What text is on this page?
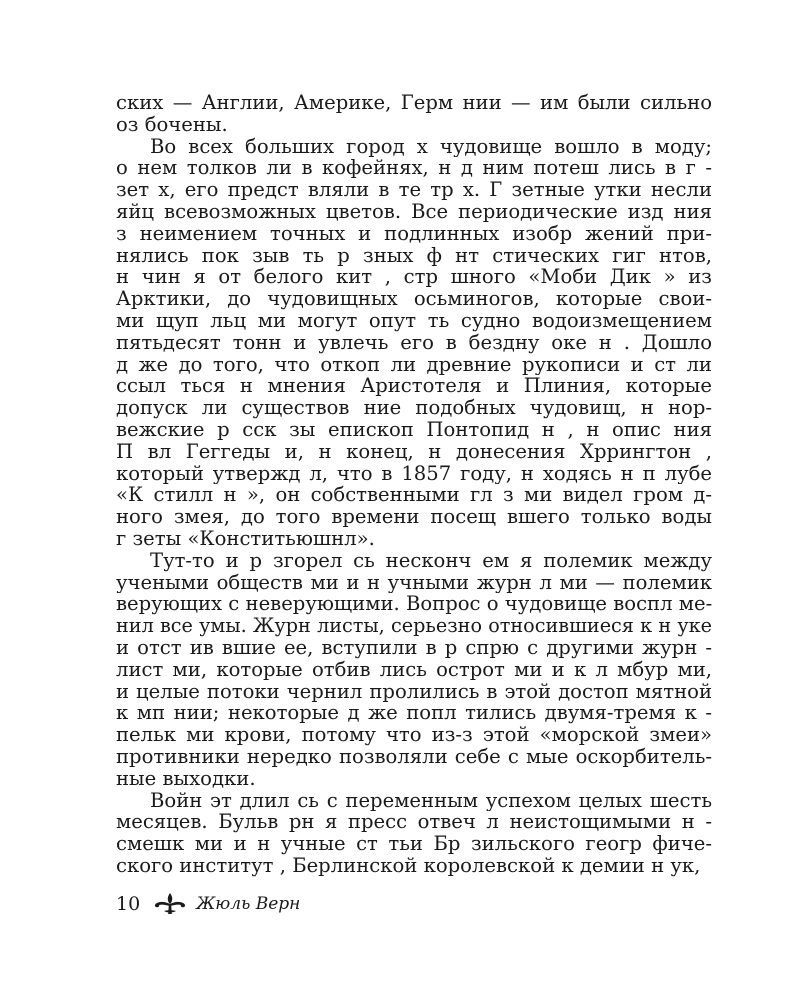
ских — Англии, Америке, Герм нии — им были сильно
оз бочены.
Во всех больших город х чудовище вошло в моду;
о нем толков ли в кофейнях, н д ним потеш лись в г -
зет х, его предст вляли в те тр х. Г зетные утки несли
яйц всевозможных цветов. Все периодические изд ния
з неимением точных и подлинных изобр жений при-
нялись пок зыв ть р зных ф нт стических гиг нтов,
н чин я от белого кит , стр шного «Моби Дик » из
Арктики, до чудовищных осьминогов, которые свои-
ми щуп льц ми могут опут ть судно водоизмещением
пятьдесят тонн и увлечь его в бездну оке н . Дошло
д же до того, что откоп ли древние рукописи и ст ли
ссыл ться н мнения Аристотеля и Плиния, которые
допуск ли существов ние подобных чудовищ, н нор-
вежские р сск зы епископ Понтопид н , н опис ния
П вл Геггеды и, н конец, н донесения Хррингтон ,
который утвержд л, что в 1857 году, н ходясь н п лубе
«К стилл н », он собственными гл з ми видел гром д-
ного змея, до того времени посещ вшего только воды
г зеты «Конститьюшнл».
Тут-то и р згорел сь несконч ем я полемик между
учеными обществ ми и н учными журн л ми — полемик
верующих с неверующими. Вопрос о чудовище воспл ме-
нил все умы. Журн листы, серьезно относившиеся к н уке
и отст ив вшие ее, вступили в р спрю с другими журн -
лист ми, которые отбив лись острот ми и к л мбур ми,
и целые потоки чернил пролились в этой достоп мятной
к мп нии; некоторые д же попл тились двумя-тремя к -
пельк ми крови, потому что из-з этой «морской змеи»
противники нередко позволяли себе с мые оскорбитель-
ные выходки.
Войн эт длил сь с переменным успехом целых шесть
месяцев. Бульв рн я пресс отвеч л неистощимыми н -
смешк ми и н учные ст тьи Бр зильского геогр фиче-
ского институт , Берлинской королевской к демии н ук,
10	Жюль Верн
